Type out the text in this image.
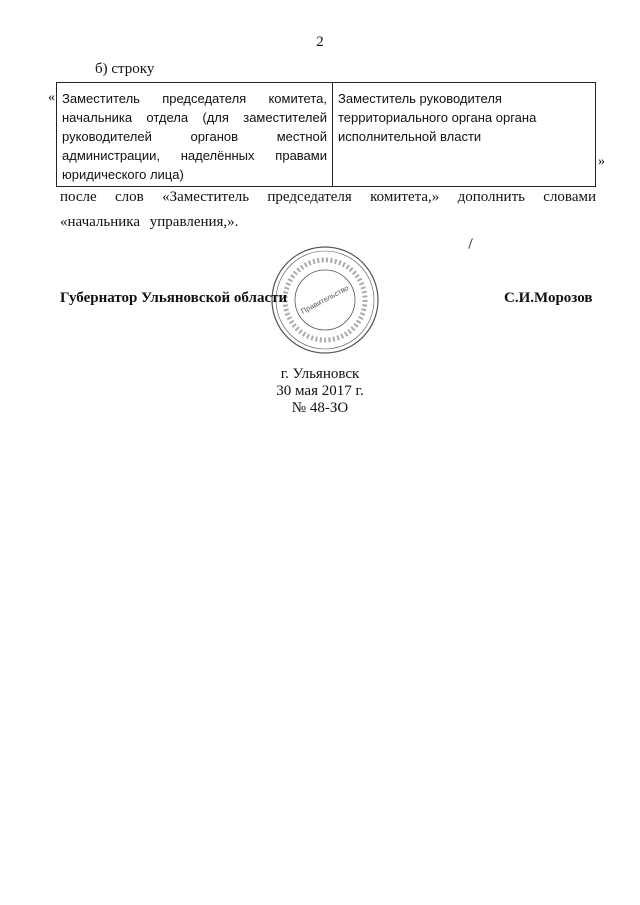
2
б) строку
« Заместитель председателя комитета, начальника отдела (для заместителей руководителей органов местной администрации, наделённых правами юридического лица)	Заместитель руководителя территориального органа органа исполнительной власти
»
после слов «Заместитель председателя комитета,» дополнить словами «начальника управления,».
Правительство
Губернатор Ульяновской области	С.И.Морозов
г. Ульяновск
30 мая 2017 г.
№ 48-ЗО
